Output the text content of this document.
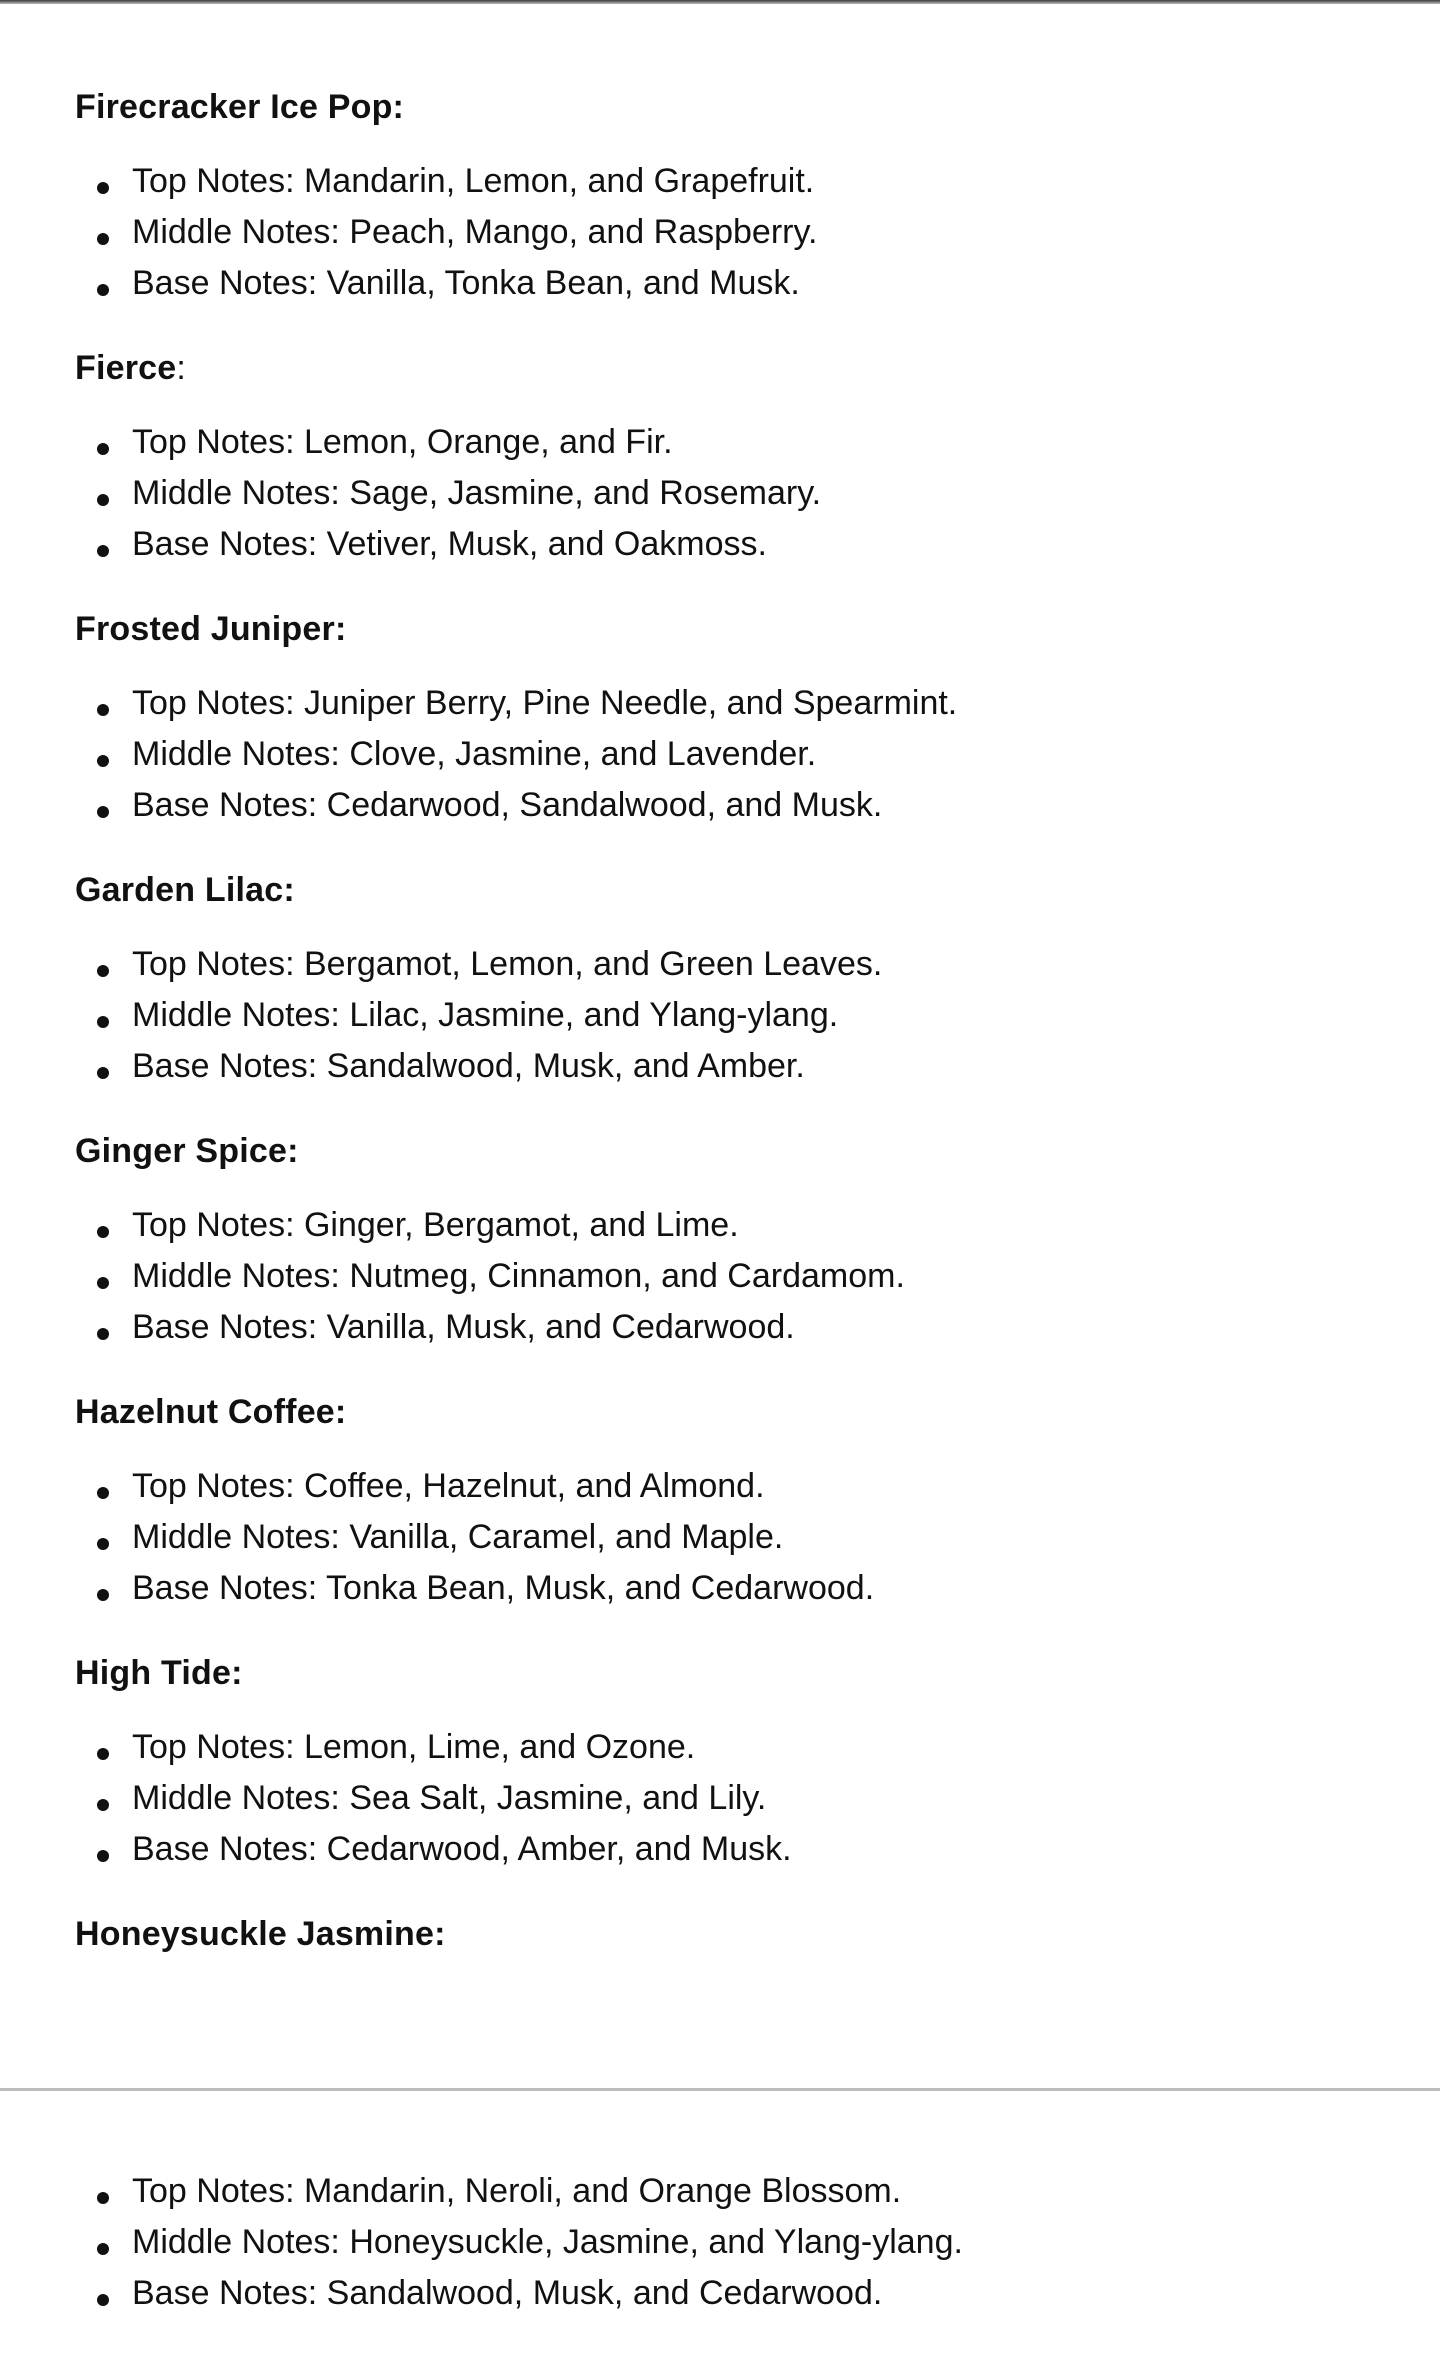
Firecracker Ice Pop:
Top Notes: Mandarin, Lemon, and Grapefruit.
Middle Notes: Peach, Mango, and Raspberry.
Base Notes: Vanilla, Tonka Bean, and Musk.
Fierce:
Top Notes: Lemon, Orange, and Fir.
Middle Notes: Sage, Jasmine, and Rosemary.
Base Notes: Vetiver, Musk, and Oakmoss.
Frosted Juniper:
Top Notes: Juniper Berry, Pine Needle, and Spearmint.
Middle Notes: Clove, Jasmine, and Lavender.
Base Notes: Cedarwood, Sandalwood, and Musk.
Garden Lilac:
Top Notes: Bergamot, Lemon, and Green Leaves.
Middle Notes: Lilac, Jasmine, and Ylang-ylang.
Base Notes: Sandalwood, Musk, and Amber.
Ginger Spice:
Top Notes: Ginger, Bergamot, and Lime.
Middle Notes: Nutmeg, Cinnamon, and Cardamom.
Base Notes: Vanilla, Musk, and Cedarwood.
Hazelnut Coffee:
Top Notes: Coffee, Hazelnut, and Almond.
Middle Notes: Vanilla, Caramel, and Maple.
Base Notes: Tonka Bean, Musk, and Cedarwood.
High Tide:
Top Notes: Lemon, Lime, and Ozone.
Middle Notes: Sea Salt, Jasmine, and Lily.
Base Notes: Cedarwood, Amber, and Musk.
Honeysuckle Jasmine:
Top Notes: Mandarin, Neroli, and Orange Blossom.
Middle Notes: Honeysuckle, Jasmine, and Ylang-ylang.
Base Notes: Sandalwood, Musk, and Cedarwood.
